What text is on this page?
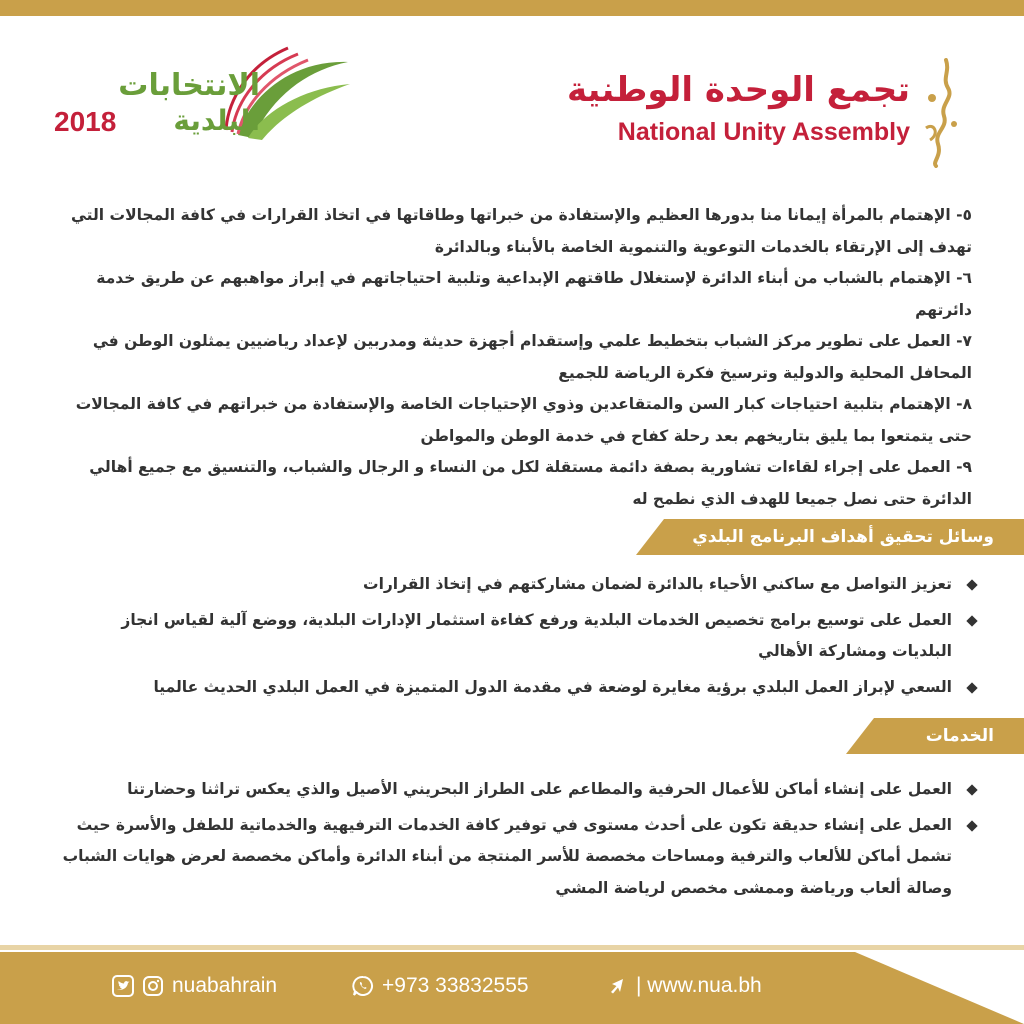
الانتخابات
البلدية
2018
تجمع الوحدة الوطنية
National Unity Assembly

٥- الإهتمام بالمرأة إيمانا منا بدورها العظيم والإستفادة من خبراتها وطاقاتها في اتخاذ القرارات في كافة المجالات التي تهدف إلى الإرتقاء بالخدمات التوعوية والتنموية الخاصة بالأبناء وبالدائرة

٦- الإهتمام بالشباب من أبناء الدائرة لإستغلال طاقتهم الإبداعية وتلبية احتياجاتهم في إبراز مواهبهم عن طريق خدمة دائرتهم

٧- العمل على تطوير مركز الشباب بتخطيط علمي وإستقدام أجهزة حديثة ومدربين لإعداد رياضيين يمثلون الوطن في المحافل المحلية والدولية وترسيخ فكرة الرياضة للجميع

٨- الإهتمام بتلبية احتياجات كبار السن والمتقاعدين وذوي الإحتياجات الخاصة والإستفادة من خبراتهم في كافة المجالات حتى يتمتعوا بما يليق بتاريخهم بعد رحلة كفاح في خدمة الوطن والمواطن

٩- العمل على إجراء لقاءات تشاورية بصفة دائمة مستقلة لكل من النساء و الرجال والشباب، والتنسيق مع جميع أهالي الدائرة حتى نصل جميعا للهدف الذي نطمح له

وسائل تحقيق أهداف البرنامج البلدي
تعزيز التواصل مع ساكني الأحياء بالدائرة لضمان مشاركتهم في إتخاذ القرارات
العمل على توسيع برامج تخصيص الخدمات البلدية ورفع كفاءة استثمار الإدارات البلدية، ووضع آلية لقياس انجاز البلديات ومشاركة الأهالي
السعي لإبراز العمل البلدي برؤية مغايرة لوضعة في مقدمة الدول المتميزة في العمل البلدي الحديث عالميا
الخدمات العامة
العمل على إنشاء أماكن للأعمال الحرفية والمطاعم على الطراز البحريني الأصيل والذي يعكس تراثنا وحضارتنا
العمل على إنشاء حديقة تكون على أحدث مستوى في توفير كافة الخدمات الترفيهية والخدماتية للطفل والأسرة حيث تشمل أماكن للألعاب والترفية ومساحات مخصصة للأسر المنتجة من أبناء الدائرة وأماكن مخصصة لعرض هوايات الشباب وصالة ألعاب ورياضة وممشى مخصص لرياضة المشي
nuabahrain	+973 33832555	| www.nua.bh
